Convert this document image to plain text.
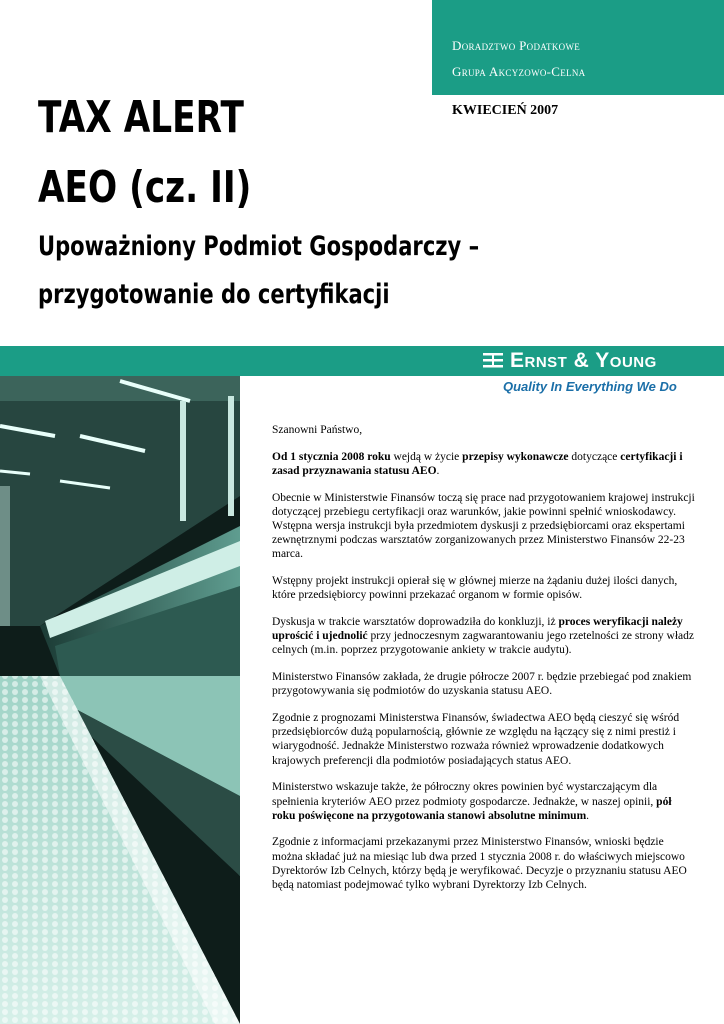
Doradztwo Podatkowe
Grupa Akcyzowo-Celna
KWIECIEŃ 2007
TAX ALERT
AEO (cz. II)
Upoważniony Podmiot Gospodarczy –
przygotowanie do certyfikacji
Ernst & Young
Quality In Everything We Do

Szanowni Państwo,

Od 1 stycznia 2008 roku wejdą w życie przepisy wykonawcze dotyczące certyfikacji i zasad przyznawania statusu AEO.

Obecnie w Ministerstwie Finansów toczą się prace nad przygotowaniem krajowej instrukcji dotyczącej przebiegu certyfikacji oraz warunków, jakie powinni spełnić wnioskodawcy. Wstępna wersja instrukcji była przedmiotem dyskusji z przedsiębiorcami oraz ekspertami zewnętrznymi podczas warsztatów zorganizowanych przez Ministerstwo Finansów 22-23 marca.

Wstępny projekt instrukcji opierał się w głównej mierze na żądaniu dużej ilości danych, które przedsiębiorcy powinni przekazać organom w formie opisów.

Dyskusja w trakcie warsztatów doprowadziła do konkluzji, iż proces weryfikacji należy uprościć i ujednolić przy jednoczesnym zagwarantowaniu jego rzetelności ze strony władz celnych (m.in. poprzez przygotowanie ankiety w trakcie audytu).

Ministerstwo Finansów zakłada, że drugie półrocze 2007 r. będzie przebiegać pod znakiem przygotowywania się podmiotów do uzyskania statusu AEO.

Zgodnie z prognozami Ministerstwa Finansów, świadectwa AEO będą cieszyć się wśród przedsiębiorców dużą popularnością, głównie ze względu na łączący się z nimi prestiż i wiarygodność. Jednakże Ministerstwo rozważa również wprowadzenie dodatkowych krajowych preferencji dla podmiotów posiadających status AEO.

Ministerstwo wskazuje także, że półroczny okres powinien być wystarczającym dla spełnienia kryteriów AEO przez podmioty gospodarcze. Jednakże, w naszej opinii, pół roku poświęcone na przygotowania stanowi absolutne minimum.

Zgodnie z informacjami przekazanymi przez Ministerstwo Finansów, wnioski będzie można składać już na miesiąc lub dwa przed 1 stycznia 2008 r. do właściwych miejscowo Dyrektorów Izb Celnych, którzy będą je weryfikować. Decyzje o przyznaniu statusu AEO będą natomiast podejmować tylko wybrani Dyrektorzy Izb Celnych.
